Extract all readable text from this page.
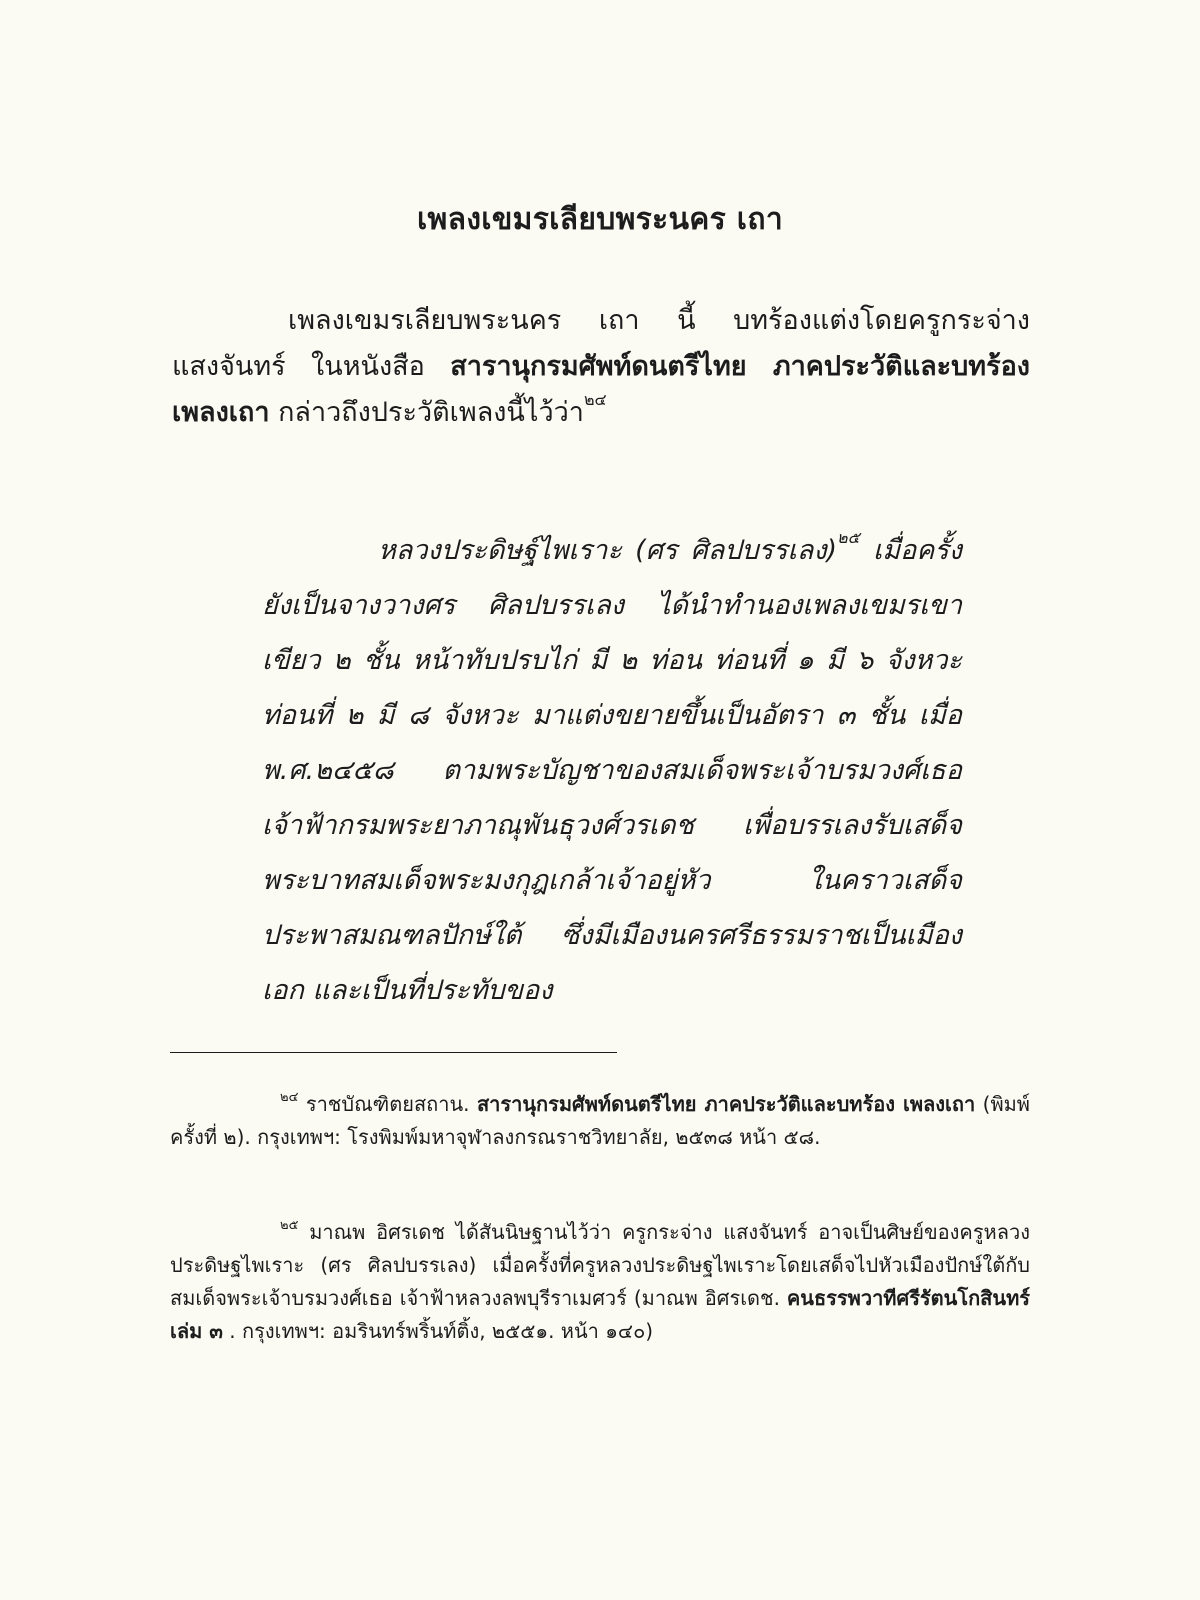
เพลงเขมรเลียบพระนคร เถา

เพลงเขมรเลียบพระนคร เถา นี้ บทร้องแต่งโดยครูกระจ่าง แสงจันทร์ ในหนังสือ สารานุกรมศัพท์ดนตรีไทย ภาคประวัติและบทร้อง เพลงเถา กล่าวถึงประวัติเพลงนี้ไว้ว่า$^{๒๔}$

หลวงประดิษฐ์ไพเราะ (ศร ศิลปบรรเลง)$^{๒๕}$ เมื่อครั้งยังเป็นจางวางศร ศิลปบรรเลง ได้นำทำนองเพลงเขมรเขาเขียว ๒ ชั้น หน้าทับปรบไก่ มี ๒ ท่อน ท่อนที่ ๑ มี ๖ จังหวะ ท่อนที่ ๒ มี ๘ จังหวะ มาแต่งขยายขึ้นเป็นอัตรา ๓ ชั้น เมื่อ พ.ศ.๒๔๕๘ ตามพระบัญชาของสมเด็จพระเจ้าบรมวงศ์เธอ เจ้าฟ้ากรมพระยาภาณุพันธุวงศ์วรเดช เพื่อบรรเลงรับเสด็จพระบาทสมเด็จพระมงกุฎเกล้าเจ้าอยู่หัว ในคราวเสด็จประพาสมณฑลปักษ์ใต้ ซึ่งมีเมืองนครศรีธรรมราชเป็นเมืองเอก และเป็นที่ประทับของ

$^{๒๔}$ ราชบัณฑิตยสถาน. สารานุกรมศัพท์ดนตรีไทย ภาคประวัติและบทร้อง เพลงเถา (พิมพ์ครั้งที่ ๒). กรุงเทพฯ: โรงพิมพ์มหาจุฬาลงกรณราชวิทยาลัย, ๒๕๓๘ หน้า ๕๘.

$^{๒๕}$ มาณพ อิศรเดช ได้สันนิษฐานไว้ว่า ครูกระจ่าง แสงจันทร์ อาจเป็นศิษย์ของครูหลวงประดิษฐไพเราะ (ศร ศิลปบรรเลง) เมื่อครั้งที่ครูหลวงประดิษฐไพเราะโดยเสด็จไปหัวเมืองปักษ์ใต้กับสมเด็จพระเจ้าบรมวงศ์เธอ เจ้าฟ้าหลวงลพบุรีราเมศวร์ (มาณพ อิศรเดช. คนธรรพวาทีศรีรัตนโกสินทร์ เล่ม ๓ . กรุงเทพฯ: อมรินทร์พริ้นท์ติ้ง, ๒๕๕๑. หน้า ๑๔๐)
